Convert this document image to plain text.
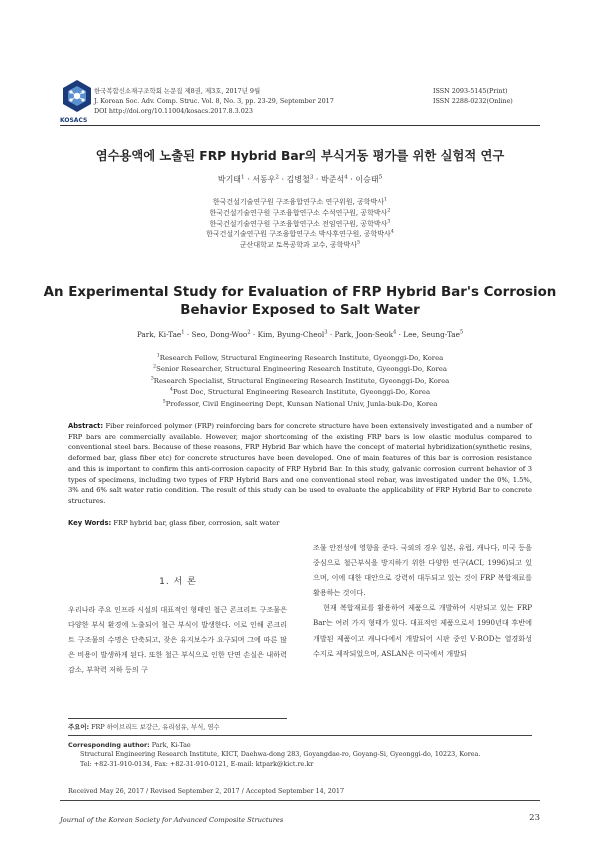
KOSACS
한국복합신소재구조학회 논문집 제8권, 제3호, 2017년 9월
J. Korean Soc. Adv. Comp. Struc. Vol. 8, No. 3, pp. 23-29, September 2017
DOI http://doi.org/10.11004/kosacs.2017.8.3.023
ISSN 2093-5145(Print)
ISSN 2288-0232(Online)
염수용액에 노출된 FRP Hybrid Bar의 부식거동 평가를 위한 실험적 연구
박기태$^1$ · 서동우$^2$ · 김병철$^3$ · 박준석$^4$ · 이승태$^5$
한국건설기술연구원 구조융합연구소 연구위원, 공학박사$^1$
한국건설기술연구원 구조융합연구소 수석연구원, 공학박사$^2$
한국건설기술연구원 구조융합연구소 전임연구원, 공학박사$^3$
한국건설기술연구원 구조융합연구소 박사후연구원, 공학박사$^4$
군산대학교 토목공학과 교수, 공학박사$^5$
An Experimental Study for Evaluation of FRP Hybrid Bar's Corrosion
Behavior Exposed to Salt Water
Park, Ki-Tae$^1$ · Seo, Dong-Woo$^2$ · Kim, Byung-Cheol$^3$ · Park, Joon-Seok$^4$ · Lee, Seung-Tae$^5$
$^1$Research Fellow, Structural Engineering Research Institute, Gyeonggi-Do, Korea
$^2$Senior Researcher, Structural Engineering Research Institute, Gyeonggi-Do, Korea
$^3$Research Specialist, Structural Engineering Research Institute, Gyeonggi-Do, Korea
$^4$Post Doc, Structural Engineering Research Institute, Gyeonggi-Do, Korea
$^5$Professor, Civil Engineering Dept, Kunsan National Univ, Junla-buk-Do, Korea
Abstract: Fiber reinforced polymer (FRP) reinforcing bars for concrete structure have been extensively investigated and a number of FRP bars are commercially available. However, major shortcoming of the existing FRP bars is low elastic modulus compared to conventional steel bars. Because of these reasons, FRP Hybrid Bar which have the concept of material hybridization(synthetic resins, deformed bar, glass fiber etc) for concrete structures have been developed. One of main features of this bar is corrosion resistance and this is important to confirm this anti-corrosion capacity of FRP Hybrid Bar. In this study, galvanic corrosion current behavior of 3 types of specimens, including two types of FRP Hybrid Bars and one conventional steel rebar, was investigated under the 0%, 1.5%, 3% and 6% salt water ratio condition. The result of this study can be used to evaluate the applicability of FRP Hybrid Bar to concrete structures.
Key Words: FRP hybrid bar, glass fiber, corrosion, salt water
1. 서 론

우리나라 주요 인프라 시설의 대표적인 형태인 철근 콘크리트 구조물은 다양한 부식 환경에 노출되어 철근 부식이 발생한다. 이로 인해 콘크리트 구조물의 수명은 단축되고, 잦은 유지보수가 요구되며 그에 따른 많은 비용이 발생하게 된다. 또한 철근 부식으로 인한 단면 손실은 내하력 감소, 부착력 저하 등의 구

조물 안전성에 영향을 준다. 국외의 경우 일본, 유럽, 캐나다, 미국 등을 중심으로 철근부식을 방지하기 위한 다양한 연구(ACI, 1996)되고 있으며, 이에 대한 대안으로 강력히 대두되고 있는 것이 FRP 복합재료를 활용하는 것이다.

현재 복합재료를 활용하여 제품으로 개발하여 시판되고 있는 FRP Bar는 여러 가지 형태가 있다. 대표적인 제품으로서 1990년대 후반에 개발된 제품이고 캐나다에서 개발되어 시판 중인 V·ROD는 열경화성 수지로 제작되었으며, ASLAN은 미국에서 개발되

주요어: FRP 하이브리드 보강근, 유리섬유, 부식, 염수
Corresponding author: Park, Ki-Tae
Structural Engineering Research Institute, KICT, Daehwa-dong 283, Goyangdae-ro, Goyang-Si, Gyeonggi-do, 10223, Korea.
Tel: +82-31-910-0134, Fax: +82-31-910-0121, E-mail: ktpark@kict.re.kr
Received May 26, 2017 / Revised September 2, 2017 / Accepted September 14, 2017
Journal of the Korean Society for Advanced Composite Structures	23
